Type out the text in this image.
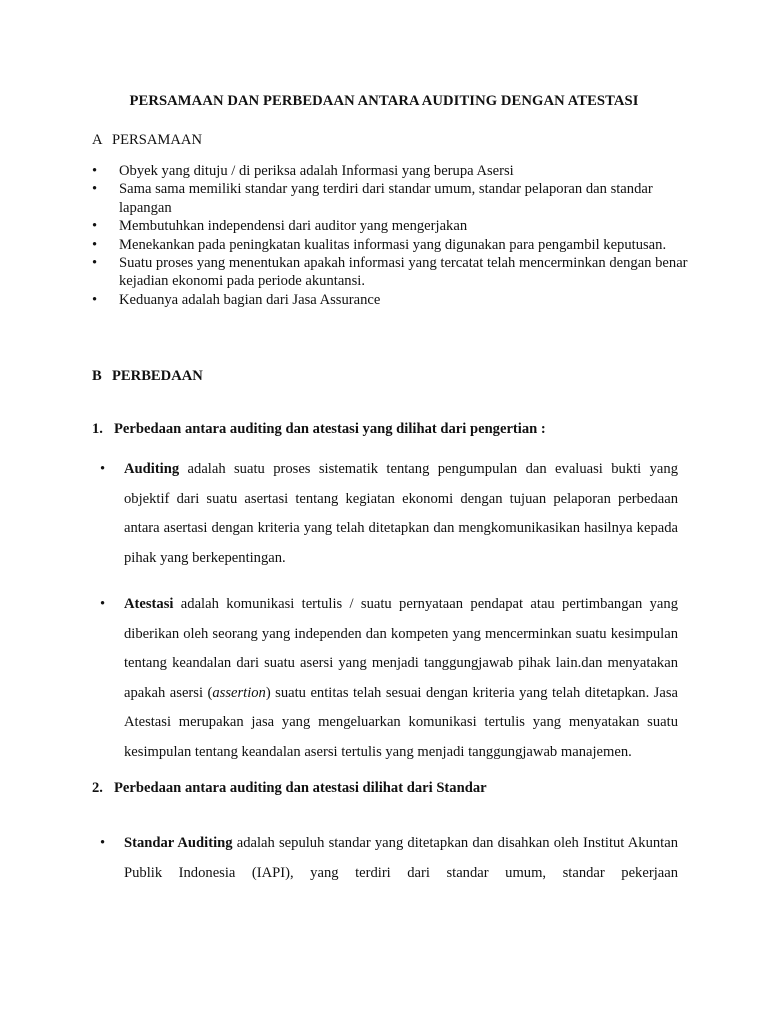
PERSAMAAN DAN PERBEDAAN ANTARA AUDITING DENGAN ATESTASI
A PERSAMAAN
• Obyek yang dituju / di periksa adalah Informasi yang berupa Asersi
• Sama sama memiliki standar yang terdiri dari standar umum, standar pelaporan dan standar lapangan
• Membutuhkan independensi dari auditor yang mengerjakan
• Menekankan pada peningkatan kualitas informasi yang digunakan para pengambil keputusan.
• Suatu proses yang menentukan apakah informasi yang tercatat telah mencerminkan dengan benar kejadian ekonomi pada periode akuntansi.
• Keduanya adalah bagian dari Jasa Assurance
B PERBEDAAN
1. Perbedaan antara auditing dan atestasi yang dilihat dari pengertian :
• Auditing adalah suatu proses sistematik tentang pengumpulan dan evaluasi bukti yang objektif dari suatu asertasi tentang kegiatan ekonomi dengan tujuan pelaporan perbedaan antara asertasi dengan kriteria yang telah ditetapkan dan mengkomunikasikan hasilnya kepada pihak yang berkepentingan.
• Atestasi adalah komunikasi tertulis / suatu pernyataan pendapat atau pertimbangan yang diberikan oleh seorang yang independen dan kompeten yang mencerminkan suatu kesimpulan tentang keandalan dari suatu asersi yang menjadi tanggungjawab pihak lain.dan menyatakan apakah asersi (assertion) suatu entitas telah sesuai dengan kriteria yang telah ditetapkan. Jasa Atestasi merupakan jasa yang mengeluarkan komunikasi tertulis yang menyatakan suatu kesimpulan tentang keandalan asersi tertulis yang menjadi tanggungjawab manajemen.
2. Perbedaan antara auditing dan atestasi dilihat dari Standar
• Standar Auditing adalah sepuluh standar yang ditetapkan dan disahkan oleh Institut Akuntan Publik Indonesia (IAPI), yang terdiri dari standar umum, standar pekerjaan
